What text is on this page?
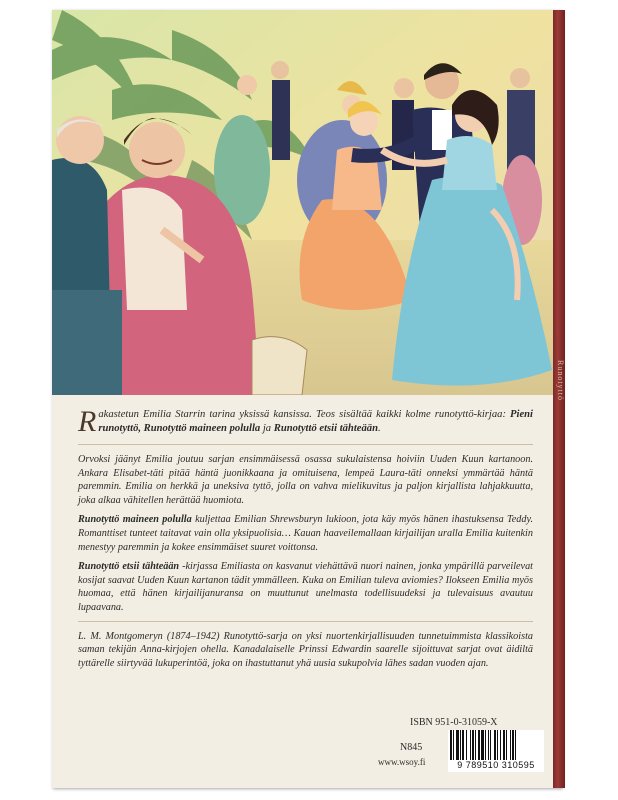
Runotyttö

Rakastetun Emilia Starrin tarina yksissä kansissa. Teos sisältää kaikki kolme runotyttö-kirjaa: Pieni runotyttö, Runotyttö maineen polulla ja Runotyttö etsii tähteään.

Orvoksi jäänyt Emilia joutuu sarjan ensimmäisessä osassa sukulaistensa hoiviin Uuden Kuun kartanoon. Ankara Elisabet-täti pitää häntä juonikkaana ja omituisena, lempeä Laura-täti onneksi ymmärtää häntä paremmin. Emilia on herkkä ja uneksiva tyttö, jolla on vahva mielikuvitus ja paljon kirjallista lahjakkuutta, joka alkaa vähitellen herättää huomiota.

Runotyttö maineen polulla kuljettaa Emilian Shrewsburyn lukioon, jota käy myös hänen ihastuksensa Teddy. Romanttiset tunteet taitavat vain olla yksipuolisia… Kauan haaveilemallaan kirjailijan uralla Emilia kuitenkin menestyy paremmin ja kokee ensimmäiset suuret voittonsa.

Runotyttö etsii tähteään -kirjassa Emiliasta on kasvanut viehättävä nuori nainen, jonka ympärillä parveilevat kosijat saavat Uuden Kuun kartanon tädit ymmälleen. Kuka on Emilian tuleva aviomies? Ilokseen Emilia myös huomaa, että hänen kirjailijanuransa on muuttunut unelmasta todellisuudeksi ja tulevaisuus avautuu lupaavana.

L. M. Montgomeryn (1874–1942) Runotyttö-sarja on yksi nuortenkirjallisuuden tunnetuimmista klassikoista saman tekijän Anna-kirjojen ohella. Kanadalaiselle Prinssi Edwardin saarelle sijoittuvat sarjat ovat äidiltä tyttärelle siirtyvää lukuperintöä, joka on ihastuttanut yhä uusia sukupolvia lähes sadan vuoden ajan.

ISBN 951-0-31059-X
N845
www.wsoy.fi	9 789510 310595
